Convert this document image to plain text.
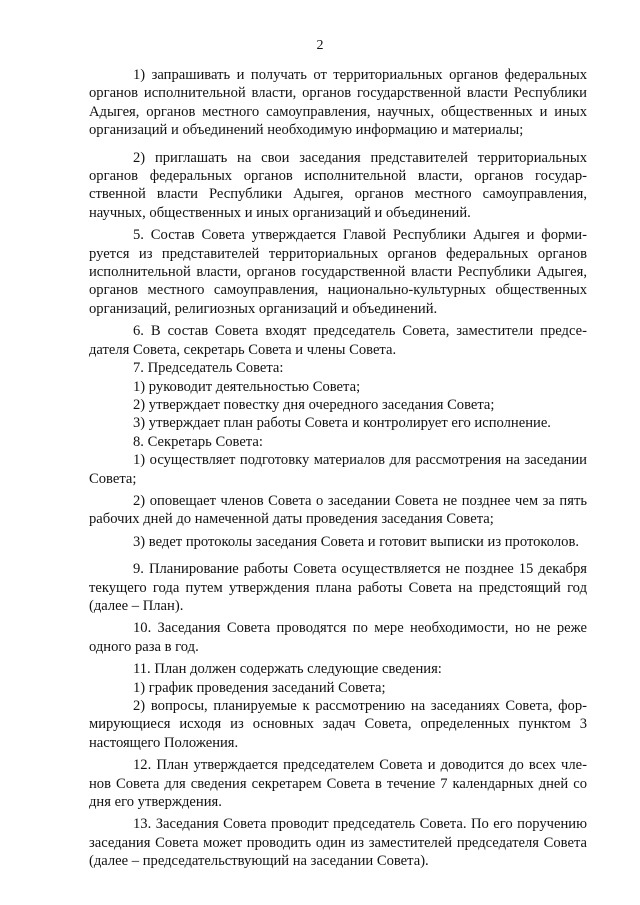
2

1) запрашивать и получать от территориальных органов федеральных органов исполнительной власти, органов государственной власти Республики Адыгея, органов местного самоуправления, научных, общественных и иных организаций и объединений необходимую информацию и материалы;

2) приглашать на свои заседания представителей территориальных органов федеральных органов исполнительной власти, органов государственной власти Республики Адыгея, органов местного самоуправления, научных, общественных и иных организаций и объединений.

5. Состав Совета утверждается Главой Республики Адыгея и формируется из представителей территориальных органов федеральных органов исполнительной власти, органов государственной власти Республики Адыгея, органов местного самоуправления, национально-культурных общественных организаций, религиозных организаций и объединений.

6. В состав Совета входят председатель Совета, заместители председателя Совета, секретарь Совета и члены Совета.

7. Председатель Совета:

1) руководит деятельностью Совета;

2) утверждает повестку дня очередного заседания Совета;

3) утверждает план работы Совета и контролирует его исполнение.

8. Секретарь Совета:

1) осуществляет подготовку материалов для рассмотрения на заседании Совета;

2) оповещает членов Совета о заседании Совета не позднее чем за пять рабочих дней до намеченной даты проведения заседания Совета;

3) ведет протоколы заседания Совета и готовит выписки из протоколов.

9. Планирование работы Совета осуществляется не позднее 15 декабря текущего года путем утверждения плана работы Совета на предстоящий год (далее – План).

10. Заседания Совета проводятся по мере необходимости, но не реже одного раза в год.

11. План должен содержать следующие сведения:

1) график проведения заседаний Совета;

2) вопросы, планируемые к рассмотрению на заседаниях Совета, формирующиеся исходя из основных задач Совета, определенных пунктом 3 настоящего Положения.

12. План утверждается председателем Совета и доводится до всех членов Совета для сведения секретарем Совета в течение 7 календарных дней со дня его утверждения.

13. Заседания Совета проводит председатель Совета. По его поручению заседания Совета может проводить один из заместителей председателя Совета (далее – председательствующий на заседании Совета).
